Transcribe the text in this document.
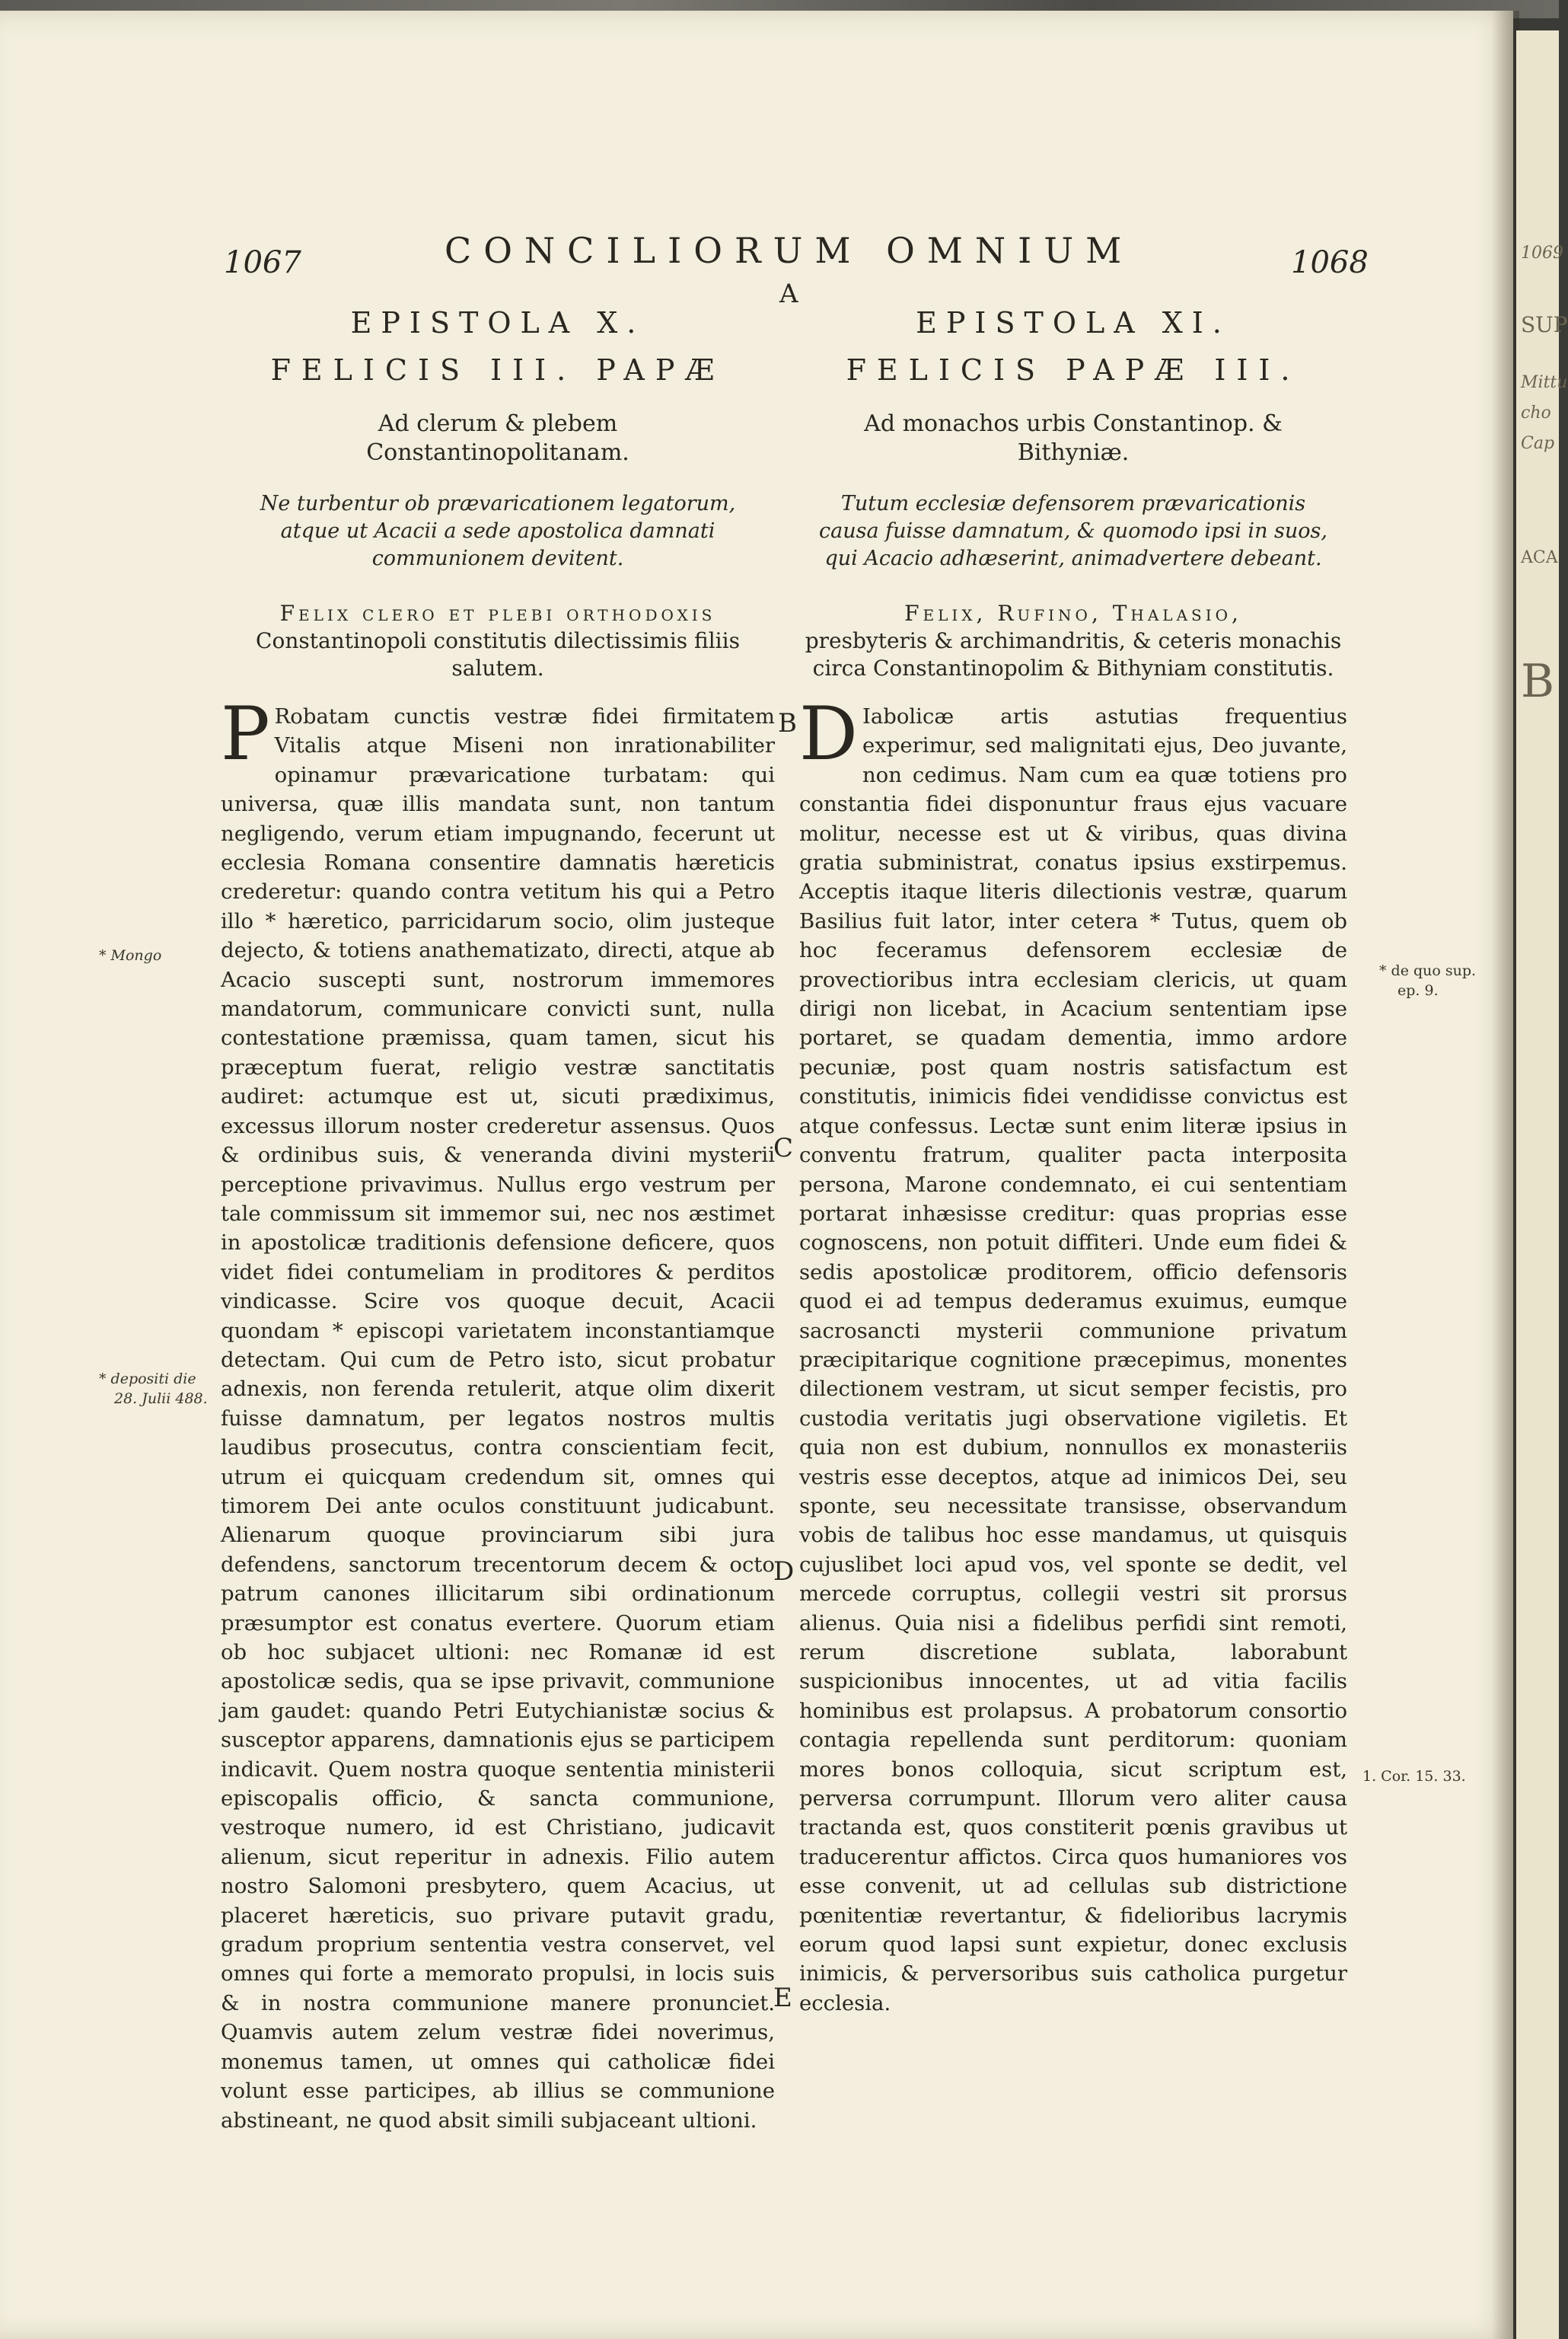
1069
SUP
Mittu
cho
Cap
ACA
B
1067	CONCILIORUM OMNIUM	1068
A
B
C
D
E
* Mongo
* depositi die
28. Julii 488.
* de quo sup.
ep. 9.
1. Cor. 15. 33.
EPISTOLA X.
FELICIS III. PAPÆ
Ad clerum & plebem Constantinopolitanam.
Ne turbentur ob prævaricationem legatorum, atque ut Acacii a sede apostolica damnati communionem devitent.
Felix clero et plebi orthodoxis
Constantinopoli constitutis dilectissimis filiis salutem.
P Robatam cunctis vestræ fidei firmitatem Vitalis atque Miseni non inrationabiliter opinamur prævaricatione turbatam: qui universa, quæ illis mandata sunt, non tantum negligendo, verum etiam impugnando, fecerunt ut ecclesia Romana consentire damnatis hæreticis crederetur: quando contra vetitum his qui a Petro illo * hæretico, parricidarum socio, olim justeque dejecto, & totiens anathematizato, directi, atque ab Acacio suscepti sunt, nostrorum immemores mandatorum, communicare convicti sunt, nulla contestatione præmissa, quam tamen, sicut his præceptum fuerat, religio vestræ sanctitatis audiret: actumque est ut, sicuti prædiximus, excessus illorum noster crederetur assensus. Quos & ordinibus suis, & veneranda divini mysterii perceptione privavimus. Nullus ergo vestrum per tale commissum sit immemor sui, nec nos æstimet in apostolicæ traditionis defensione deficere, quos videt fidei contumeliam in proditores & perditos vindicasse. Scire vos quoque decuit, Acacii quondam * episcopi varietatem inconstantiamque detectam. Qui cum de Petro isto, sicut probatur adnexis, non ferenda retulerit, atque olim dixerit fuisse damnatum, per legatos nostros multis laudibus prosecutus, contra conscientiam fecit, utrum ei quicquam credendum sit, omnes qui timorem Dei ante oculos constituunt judicabunt. Alienarum quoque provinciarum sibi jura defendens, sanctorum trecentorum decem & octo patrum canones illicitarum sibi ordinationum præsumptor est conatus evertere. Quorum etiam ob hoc subjacet ultioni: nec Romanæ id est apostolicæ sedis, qua se ipse privavit, communione jam gaudet: quando Petri Eutychianistæ socius & susceptor apparens, damnationis ejus se participem indicavit. Quem nostra quoque sententia ministerii episcopalis officio, & sancta communione, vestroque numero, id est Christiano, judicavit alienum, sicut reperitur in adnexis. Filio autem nostro Salomoni presbytero, quem Acacius, ut placeret hæreticis, suo privare putavit gradu, gradum proprium sententia vestra conservet, vel omnes qui forte a memorato propulsi, in locis suis & in nostra communione manere pronunciet. Quamvis autem zelum vestræ fidei noverimus, monemus tamen, ut omnes qui catholicæ fidei volunt esse participes, ab illius se communione abstineant, ne quod absit simili subjaceant ultioni.
EPISTOLA XI.
FELICIS PAPÆ III.
Ad monachos urbis Constantinop. & Bithyniæ.
Tutum ecclesiæ defensorem prævaricationis causa fuisse damnatum, & quomodo ipsi in suos, qui Acacio adhæserint, animadvertere debeant.
Felix, Rufino, Thalasio,
presbyteris & archimandritis, & ceteris monachis circa Constantinopolim & Bithyniam constitutis.
D Iabolicæ artis astutias frequentius experimur, sed malignitati ejus, Deo juvante, non cedimus. Nam cum ea quæ totiens pro constantia fidei disponuntur fraus ejus vacuare molitur, necesse est ut & viribus, quas divina gratia subministrat, conatus ipsius exstirpemus. Acceptis itaque literis dilectionis vestræ, quarum Basilius fuit lator, inter cetera * Tutus, quem ob hoc feceramus defensorem ecclesiæ de provectioribus intra ecclesiam clericis, ut quam dirigi non licebat, in Acacium sententiam ipse portaret, se quadam dementia, immo ardore pecuniæ, post quam nostris satisfactum est constitutis, inimicis fidei vendidisse convictus est atque confessus. Lectæ sunt enim literæ ipsius in conventu fratrum, qualiter pacta interposita persona, Marone condemnato, ei cui sententiam portarat inhæsisse creditur: quas proprias esse cognoscens, non potuit diffiteri. Unde eum fidei & sedis apostolicæ proditorem, officio defensoris quod ei ad tempus dederamus exuimus, eumque sacrosancti mysterii communione privatum præcipitarique cognitione præcepimus, monentes dilectionem vestram, ut sicut semper fecistis, pro custodia veritatis jugi observatione vigiletis. Et quia non est dubium, nonnullos ex monasteriis vestris esse deceptos, atque ad inimicos Dei, seu sponte, seu necessitate transisse, observandum vobis de talibus hoc esse mandamus, ut quisquis cujuslibet loci apud vos, vel sponte se dedit, vel mercede corruptus, collegii vestri sit prorsus alienus. Quia nisi a fidelibus perfidi sint remoti, rerum discretione sublata, laborabunt suspicionibus innocentes, ut ad vitia facilis hominibus est prolapsus. A probatorum consortio contagia repellenda sunt perditorum: quoniam mores bonos colloquia, sicut scriptum est, perversa corrumpunt. Illorum vero aliter causa tractanda est, quos constiterit pœnis gravibus ut traducerentur affictos. Circa quos humaniores vos esse convenit, ut ad cellulas sub districtione pœnitentiæ revertantur, & fidelioribus lacrymis eorum quod lapsi sunt expietur, donec exclusis inimicis, & perversoribus suis catholica purgetur ecclesia.
